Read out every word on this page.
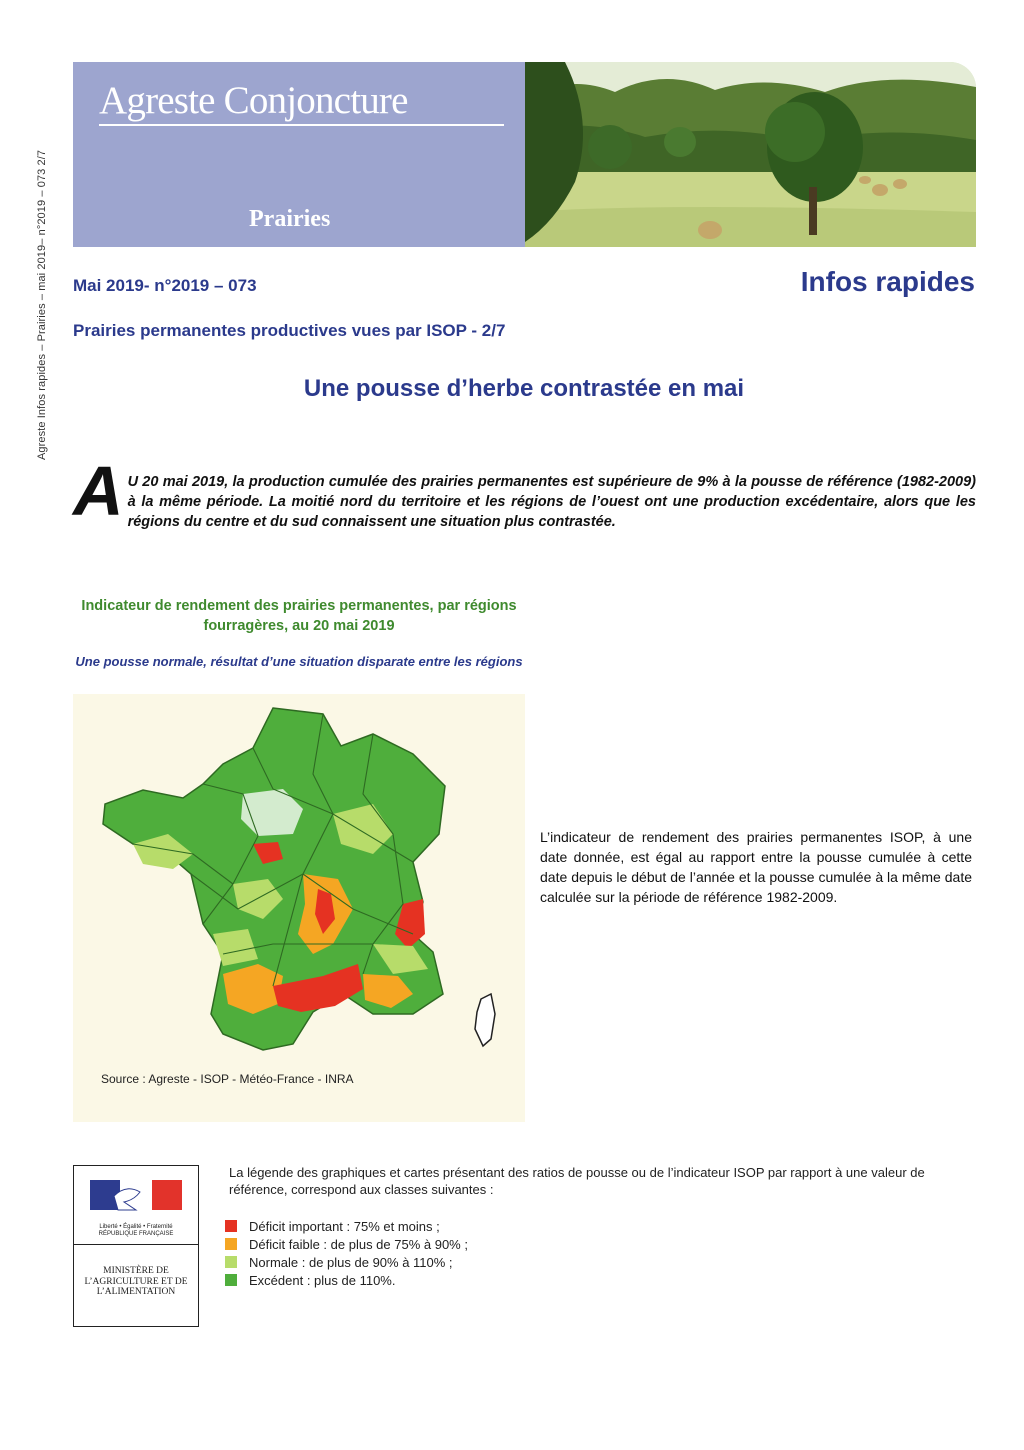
Agreste Infos rapides – Prairies – mai 2019– n°2019 – 073 2/7
Agreste Conjoncture
Prairies
Mai 2019- n°2019 – 073	Infos rapides
Prairies permanentes productives vues par ISOP - 2/7
Une pousse d’herbe contrastée en mai
A U 20 mai 2019, la production cumulée des prairies permanentes est supérieure de 9% à la pousse de référence (1982-2009) à la même période. La moitié nord du territoire et les régions de l’ouest ont une production excédentaire, alors que les régions du centre et du sud connaissent une situation plus contrastée.

Indicateur de rendement des prairies permanentes, par régions fourragères, au 20 mai 2019
Une pousse normale, résultat d’une situation disparate entre les régions
Source : Agreste - ISOP - Météo-France - INRA

L’indicateur de rendement des prairies permanentes ISOP, à une date donnée, est égal au rapport entre la pousse cumulée à cette date depuis le début de l’année et la pousse cumulée à la même date calculée sur la période de référence 1982-2009.

Liberté • Égalité • Fraternité RÉPUBLIQUE FRANÇAISE
MINISTÈRE DE L’AGRICULTURE ET DE L’ALIMENTATION

La légende des graphiques et cartes présentant des ratios de pousse ou de l’indicateur ISOP par rapport à une valeur de référence, correspond aux classes suivantes :

Déficit important : 75% et moins ;
Déficit faible : de plus de 75% à 90% ;
Normale : de plus de 90% à 110% ;
Excédent : plus de 110%.
